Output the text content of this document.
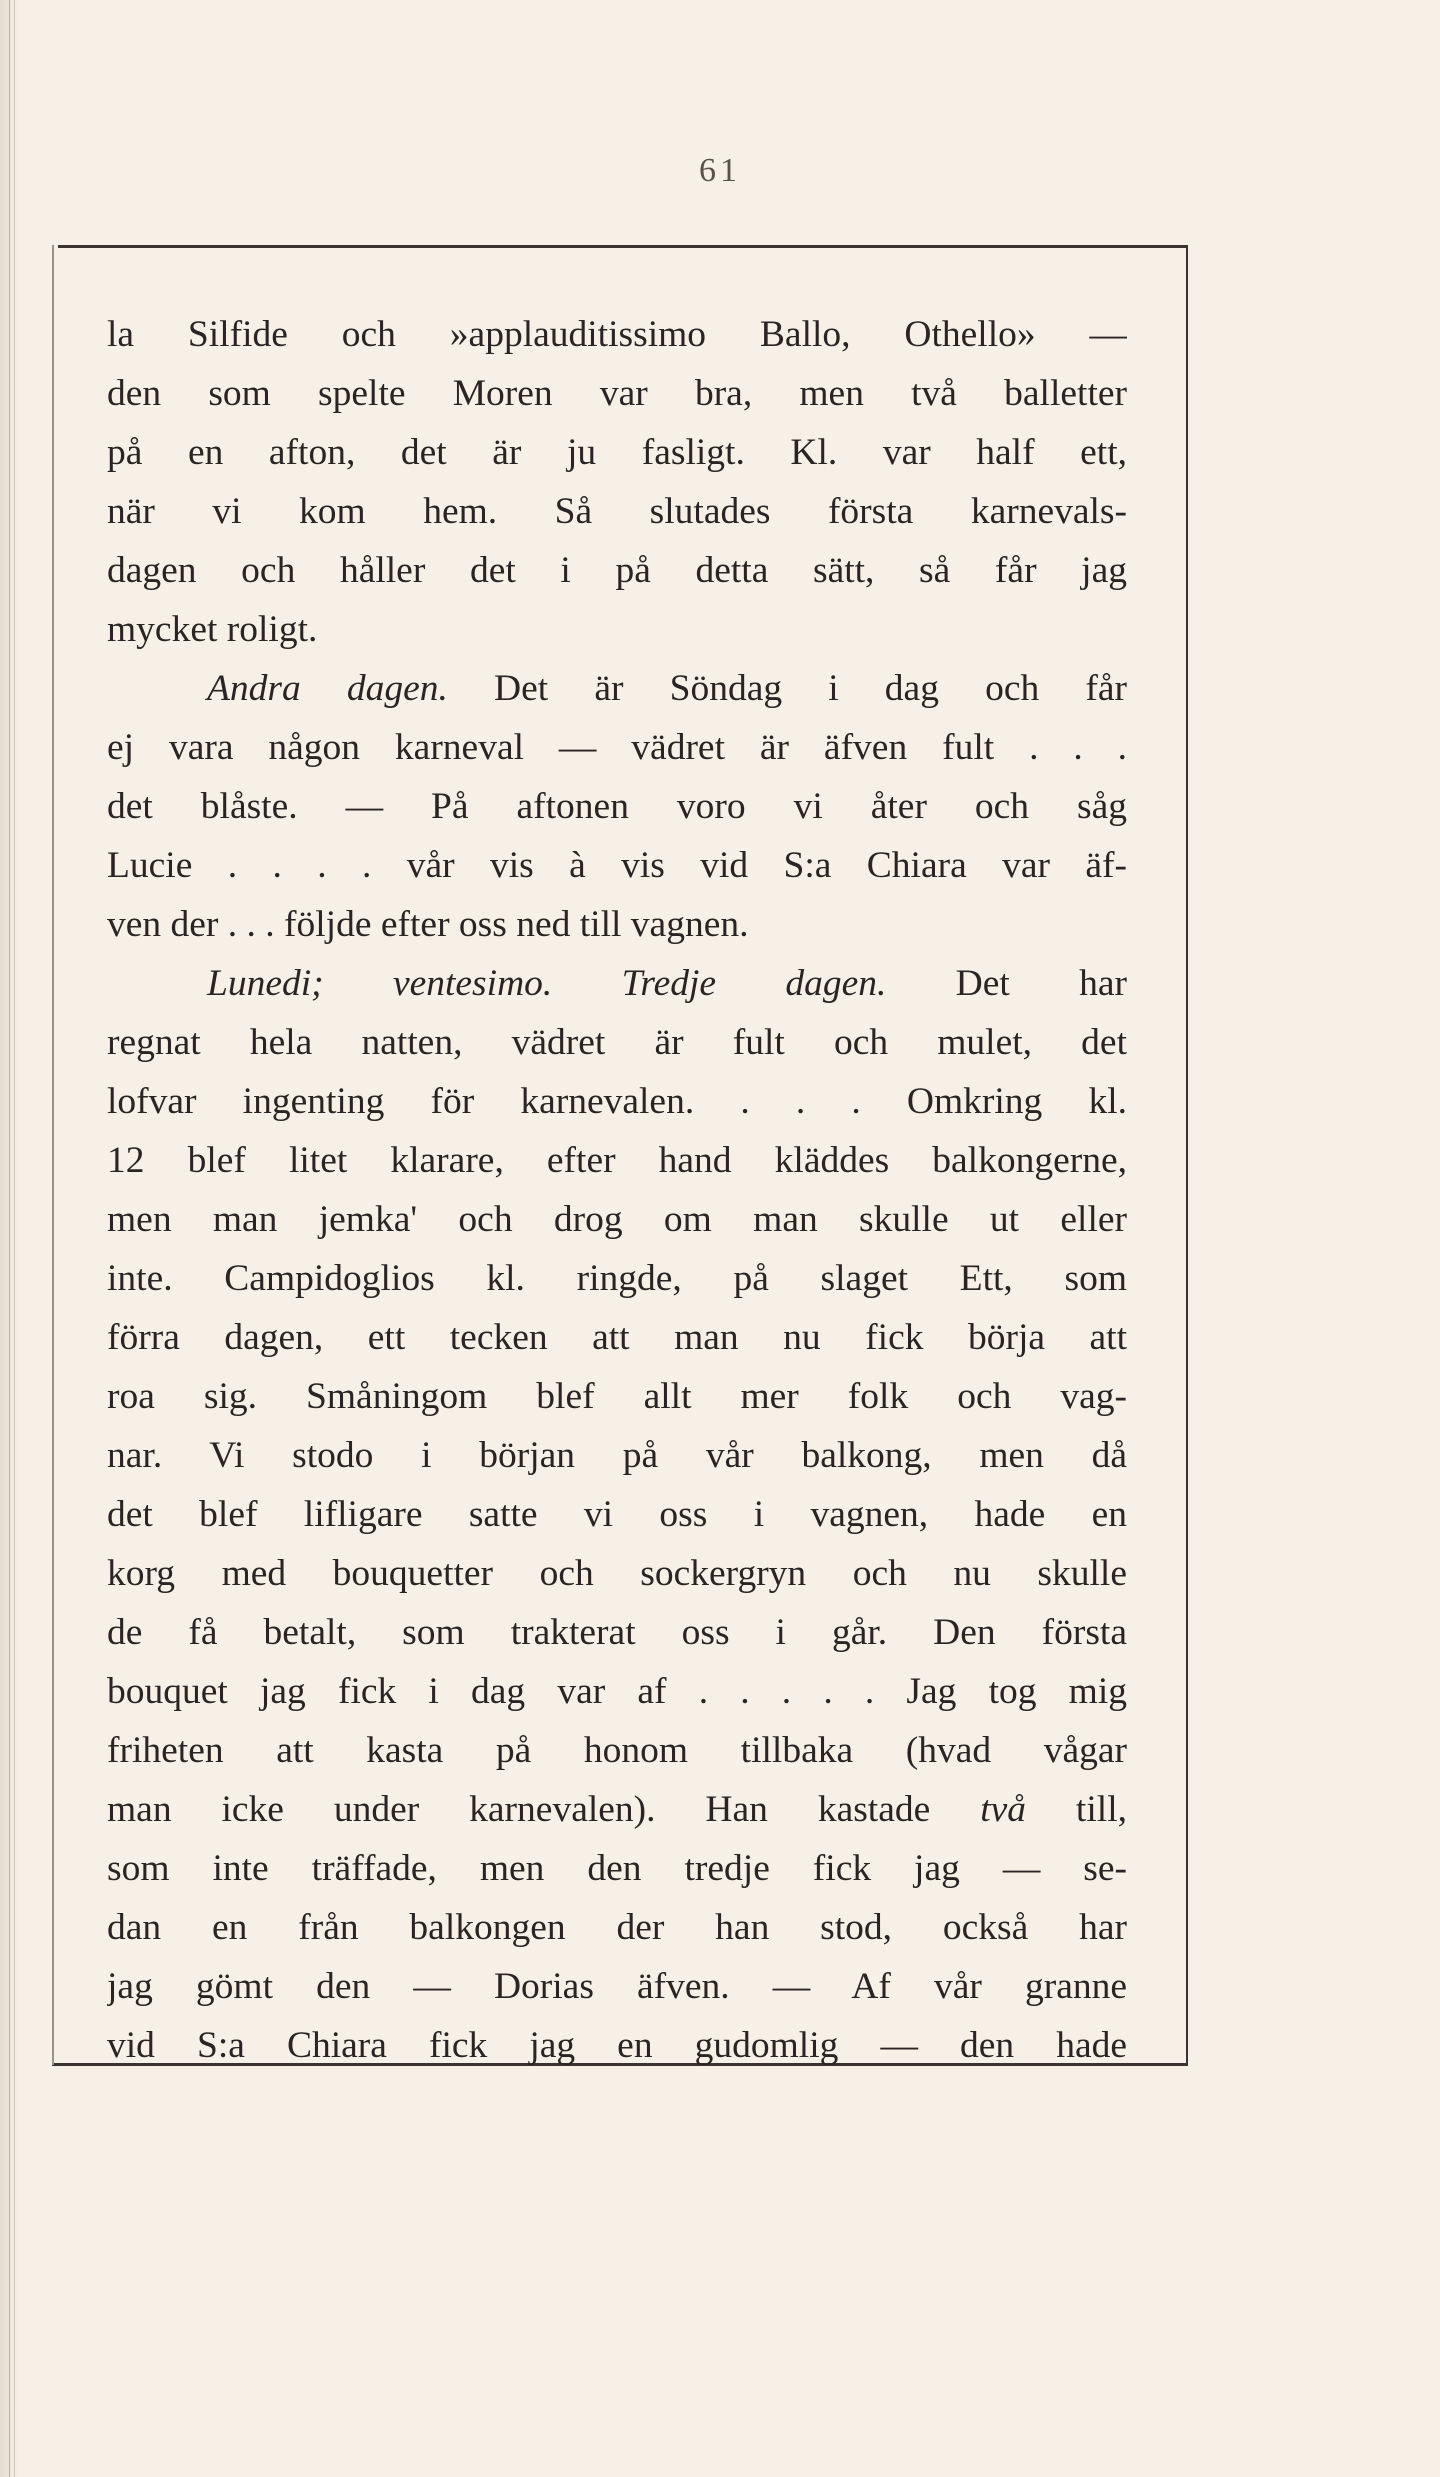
61
la Silfide och »applauditissimo Ballo, Othello» —
den som spelte Moren var bra, men två balletter
på en afton, det är ju fasligt. Kl. var half ett,
när vi kom hem. Så slutades första karnevals-
dagen och håller det i på detta sätt, så får jag
mycket roligt.
Andra dagen. Det är Söndag i dag och får
ej vara någon karneval — vädret är äfven fult . . .
det blåste. — På aftonen voro vi åter och såg
Lucie . . . . vår vis à vis vid S:a Chiara var äf-
ven der . . . följde efter oss ned till vagnen.
Lunedi; ventesimo. Tredje dagen. Det har
regnat hela natten, vädret är fult och mulet, det
lofvar ingenting för karnevalen. . . . Omkring kl.
12 blef litet klarare, efter hand kläddes balkongerne,
men man jemka' och drog om man skulle ut eller
inte. Campidoglios kl. ringde, på slaget Ett, som
förra dagen, ett tecken att man nu fick börja att
roa sig. Småningom blef allt mer folk och vag-
nar. Vi stodo i början på vår balkong, men då
det blef lifligare satte vi oss i vagnen, hade en
korg med bouquetter och sockergryn och nu skulle
de få betalt, som trakterat oss i går. Den första
bouquet jag fick i dag var af . . . . . Jag tog mig
friheten att kasta på honom tillbaka (hvad vågar
man icke under karnevalen). Han kastade två till,
som inte träffade, men den tredje fick jag — se-
dan en från balkongen der han stod, också har
jag gömt den — Dorias äfven. — Af vår granne
vid S:a Chiara fick jag en gudomlig — den hade
